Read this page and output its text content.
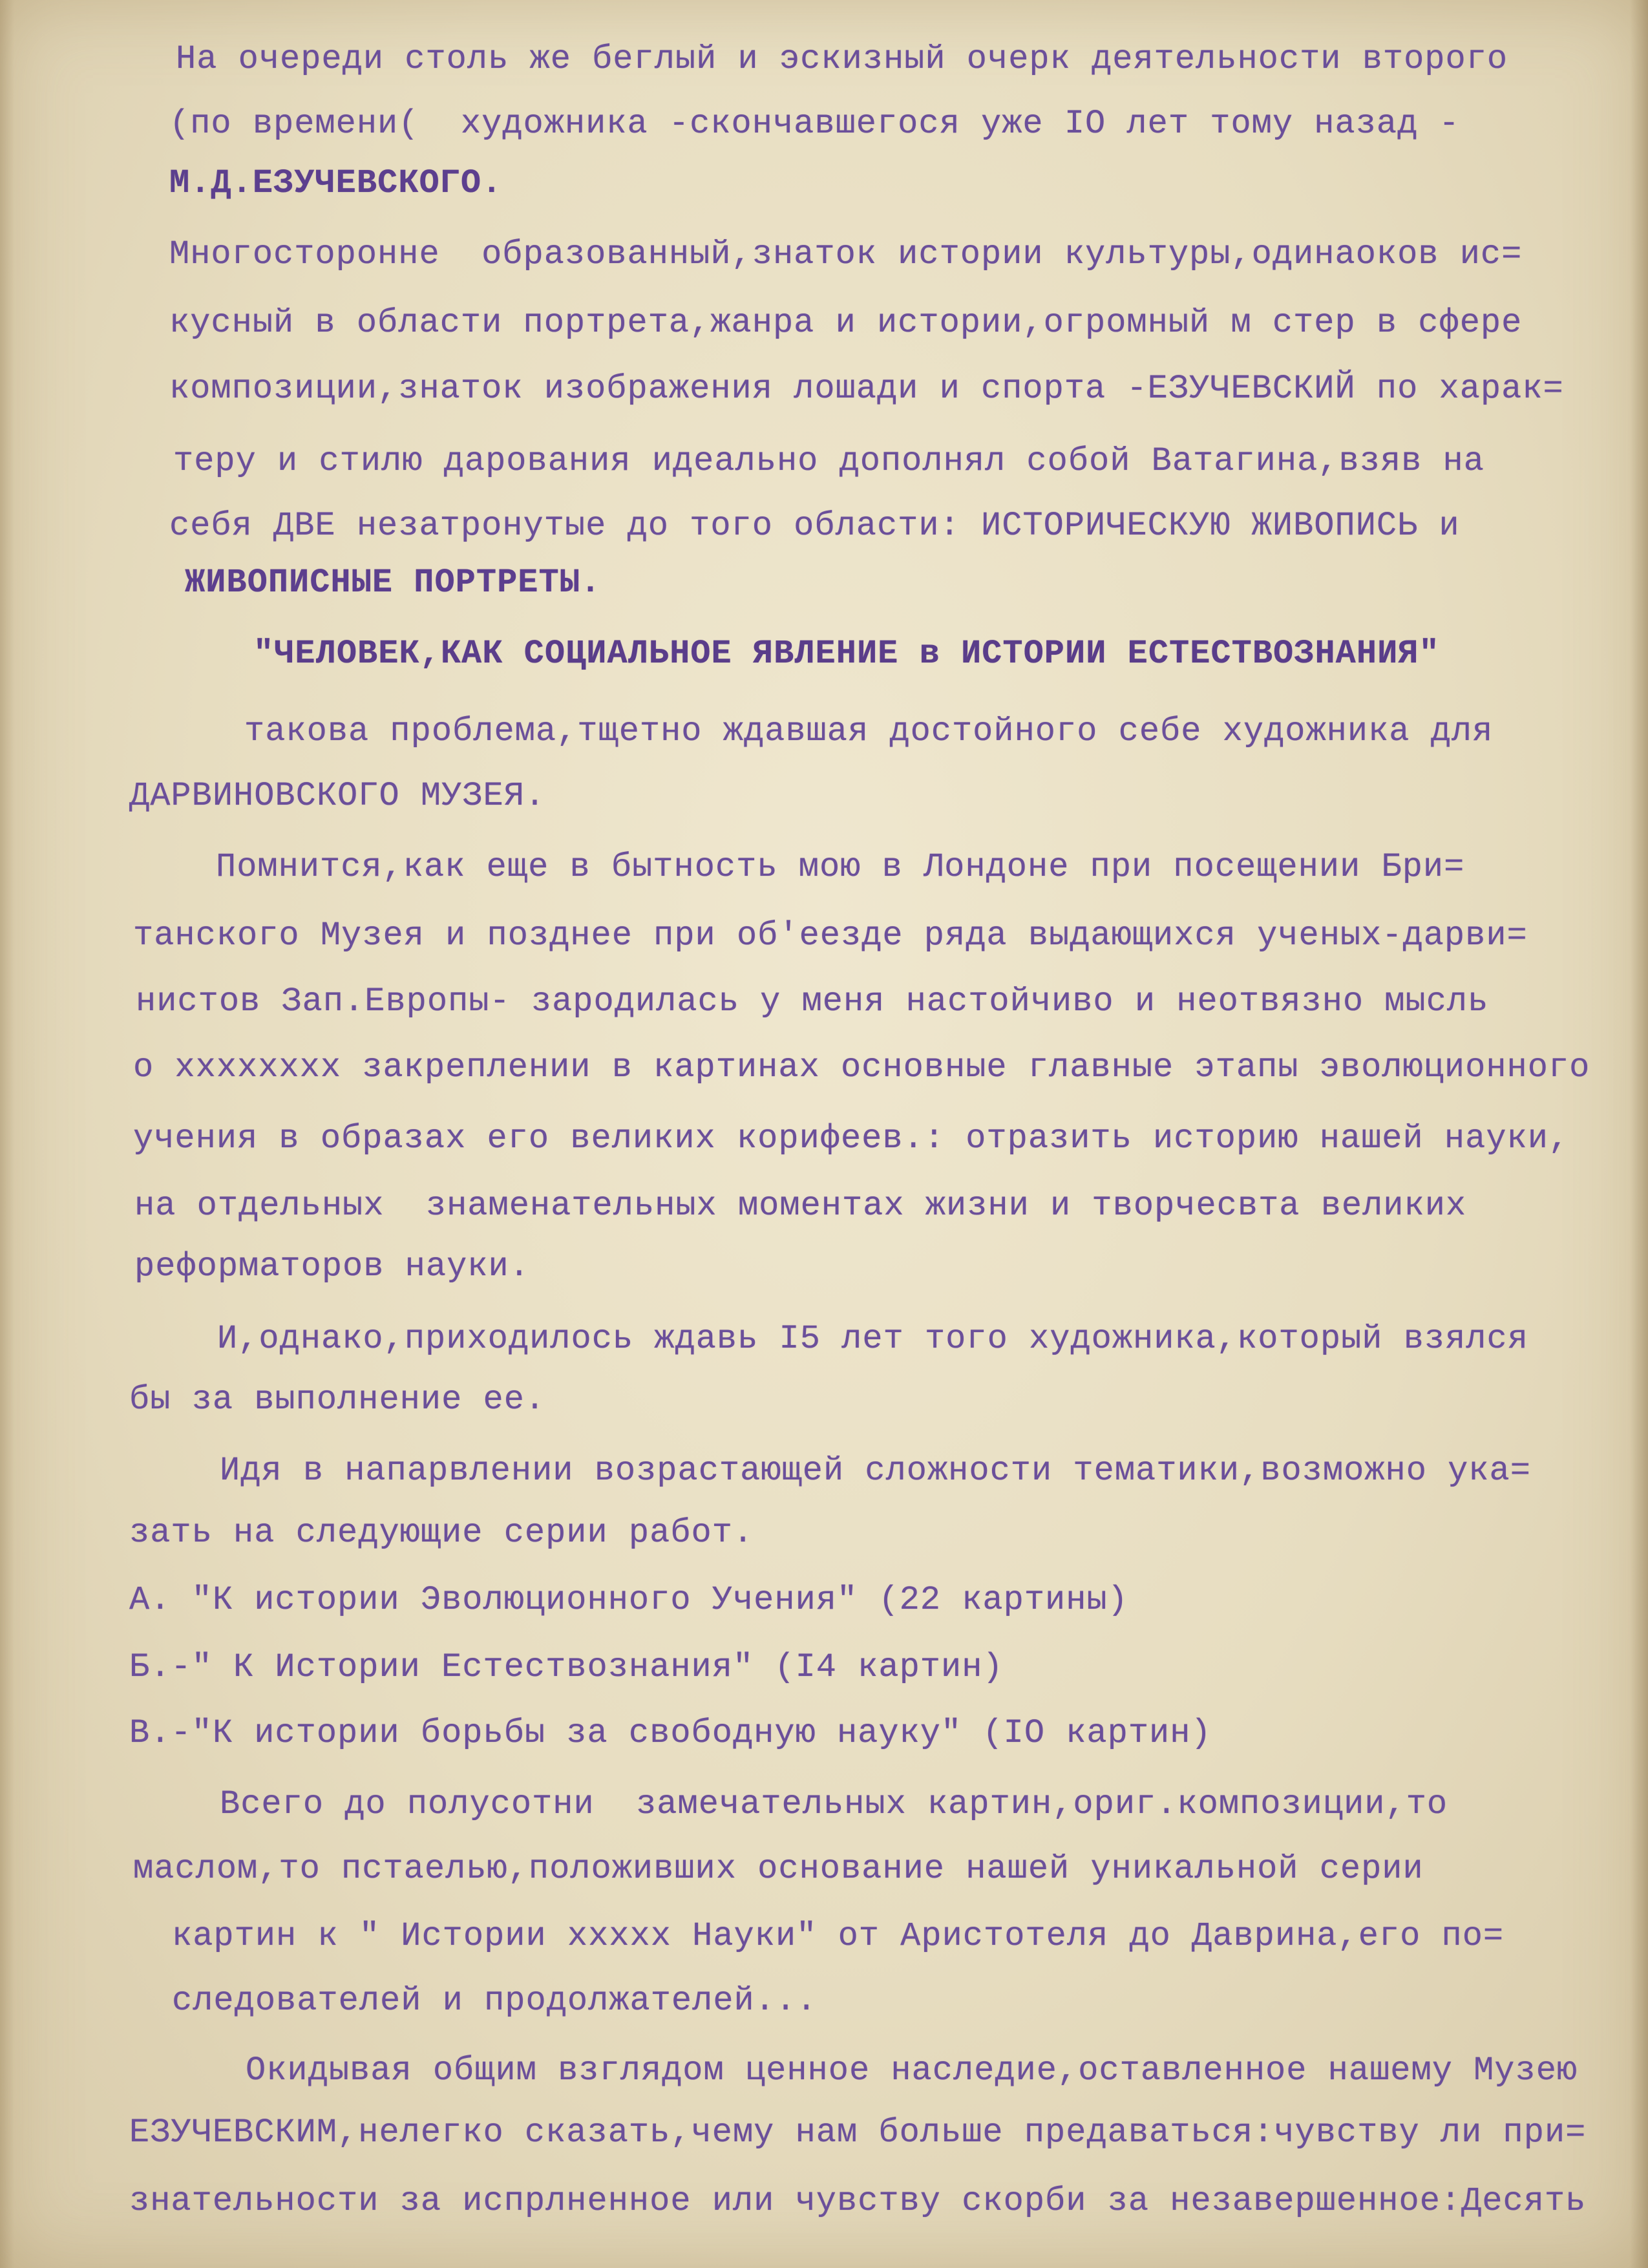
На очереди столь же беглый и эскизный очерк деятельности второго
(по времени(  художника -скончавшегося уже IO лет тому назад -
М.Д.ЕЗУЧЕВСКОГО.
Многосторонне  образованный,знаток истории культуры,одинаоков ис=
кусный в области портрета,жанра и истории,огромный м стер в сфере
композиции,знаток изображения лошади и спорта -ЕЗУЧЕВСКИЙ по харак=
теру и стилю дарования идеально дополнял собой Ватагина,взяв на
себя ДВЕ незатронутые до того области: ИСТОРИЧЕСКУЮ ЖИВОПИСЬ и
ЖИВОПИСНЫЕ ПОРТРЕТЫ.
"ЧЕЛОВЕК,КАК СОЦИАЛЬНОЕ ЯВЛЕНИЕ в ИСТОРИИ ЕСТЕСТВОЗНАНИЯ"
такова проблема,тщетно ждавшая достойного себе художника для
ДАРВИНОВСКОГО МУЗЕЯ.
Помнится,как еще в бытность мою в Лондоне при посещении Бри=
танского Музея и позднее при об'еезде ряда выдающихся ученых-дарви=
нистов Зап.Европы- зародилась у меня настойчиво и неотвязно мысль
о хххххххх закреплении в картинах основные главные этапы эволюционного
учения в образах его великих корифеев.: отразить историю нашей науки,
на отдельных  знаменательных моментах жизни и творчесвта великих
реформаторов науки.
И,однако,приходилось ждавь I5 лет того художника,который взялся
бы за выполнение ее.
Идя в напарвлении возрастающей сложности тематики,возможно ука=
зать на следующие серии работ.
А. "К истории Эволюционного Учения" (22 картины)
Б.-" К Истории Естествознания" (I4 картин)
В.-"К истории борьбы за свободную науку" (IO картин)
Всего до полусотни  замечательных картин,ориг.композиции,то
маслом,то пстаелью,положивших основание нашей уникальной серии
картин к " Истории ххххх Науки" от Аристотеля до Даврина,его по=
следователей и продолжателей...
Окидывая общим взглядом ценное наследие,оставленное нашему Музею
ЕЗУЧЕВСКИМ,нелегко сказать,чему нам больше предаваться:чувству ли при=
знательности за испрлненное или чувству скорби за незавершенное:Десять
